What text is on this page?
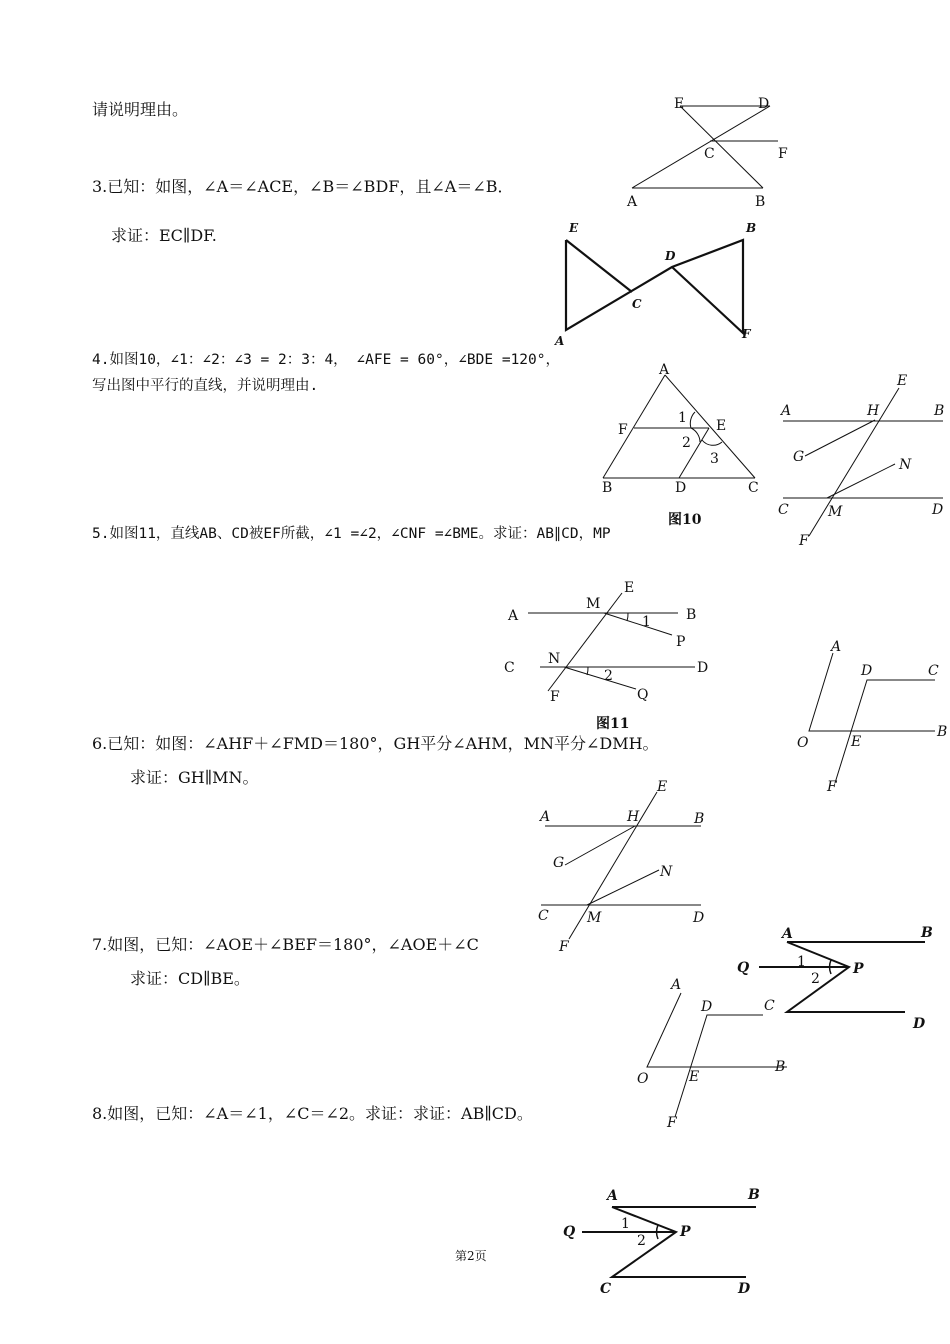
请说明理由。
3.已知：如图，∠A＝∠ACE，∠B＝∠BDF，且∠A＝∠B．
求证：EC∥DF.
4.如图10，∠1：∠2：∠3 = 2：3：4， ∠AFE = 60°，∠BDE =120°，
写出图中平行的直线，并说明理由.
5.如图11，直线AB、CD被EF所截，∠1 =∠2，∠CNF =∠BME。求证：AB∥CD，MP
6.已知：如图：∠AHF＋∠FMD＝180°，GH平分∠AHM，MN平分∠DMH。
求证：GH∥MN。
7.如图，已知：∠AOE＋∠BEF＝180°，∠AOE＋∠C
求证：CD∥BE。
8.如图，已知：∠A＝∠1，∠C＝∠2。求证：求证：AB∥CD。
图10
图11
第2页
E	D
C	F
A	B
E	B
D
C
A	F
A
1 E
F
2
3
B	D	C
E
A	H	B
G	N
C	M	D
F
E
A
M
B
1
P
C
N
D
2
F	Q
A
D	C
O	E
B
F
E
A	H	B
G
N
C	M	D
F
A	B
Q	1
2
P
D
C
A
D
O	E
B
F
A	B
Q	1
2
P
C	D
